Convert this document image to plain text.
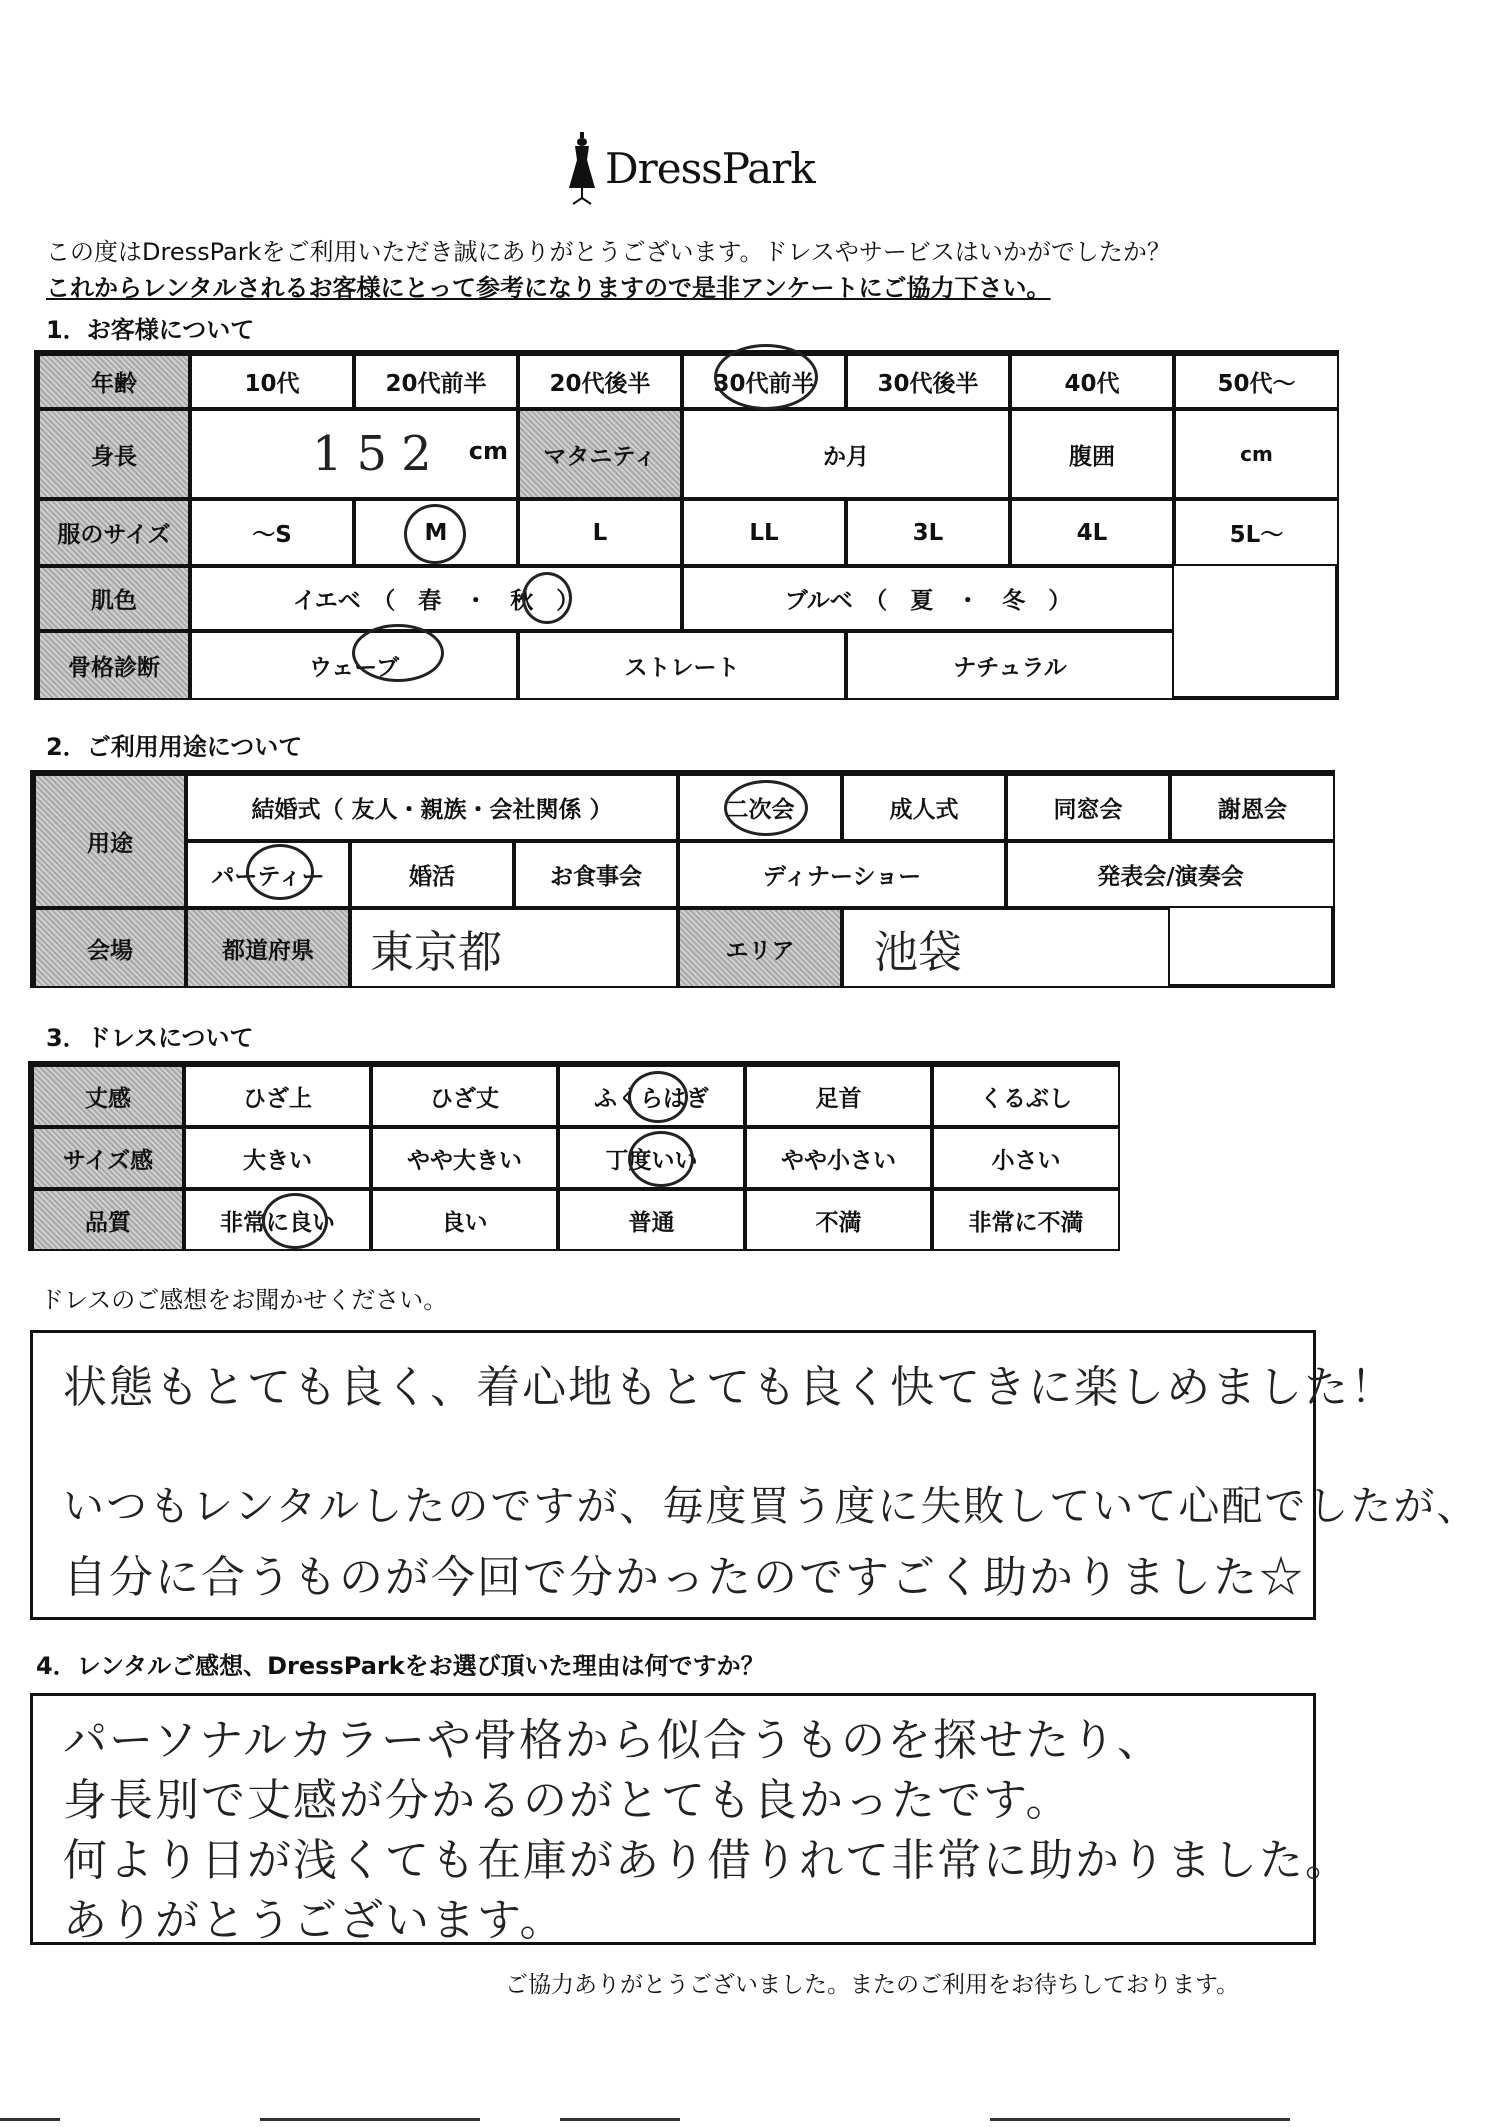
DressPark
この度はDressParkをご利用いただき誠にありがとうございます。ドレスやサービスはいかがでしたか？
これからレンタルされるお客様にとって参考になりますので是非アンケートにご協力下さい。
1．お客様について
年齢	10代	20代前半	20代後半	30代前半	30代後半	40代	50代～
身長	152 cm	マタニティ	か月	腹囲	cm
服のサイズ	～S	M	L	LL	3L	4L	5L～
肌色	イエベ　（　春　・　秋　）	ブルベ　（　夏　・　冬　）
骨格診断	ウェーブ	ストレート	ナチュラル
2．ご利用用途について
用途
結婚式（ 友人・親族・会社関係 ）	二次会	成人式	同窓会	謝恩会
パーティー	婚活	お食事会	ディナーショー	発表会/演奏会
会場	都道府県	東京都	エリア	池袋
3．ドレスについて
丈感	ひざ上	ひざ丈	ふくらはぎ	足首	くるぶし
サイズ感	大きい	やや大きい	丁度いい	やや小さい	小さい
品質	非常に良い	良い	普通	不満	非常に不満
ドレスのご感想をお聞かせください。
状態もとても良く、着心地もとても良く快てきに楽しめました！
いつもレンタルしたのですが、毎度買う度に失敗していて心配でしたが、
自分に合うものが今回で分かったのですごく助かりました☆
4．レンタルご感想、DressParkをお選び頂いた理由は何ですか？
パーソナルカラーや骨格から似合うものを探せたり、
身長別で丈感が分かるのがとても良かったです。
何より日が浅くても在庫があり借りれて非常に助かりました。
ありがとうございます。
ご協力ありがとうございました。またのご利用をお待ちしております。
